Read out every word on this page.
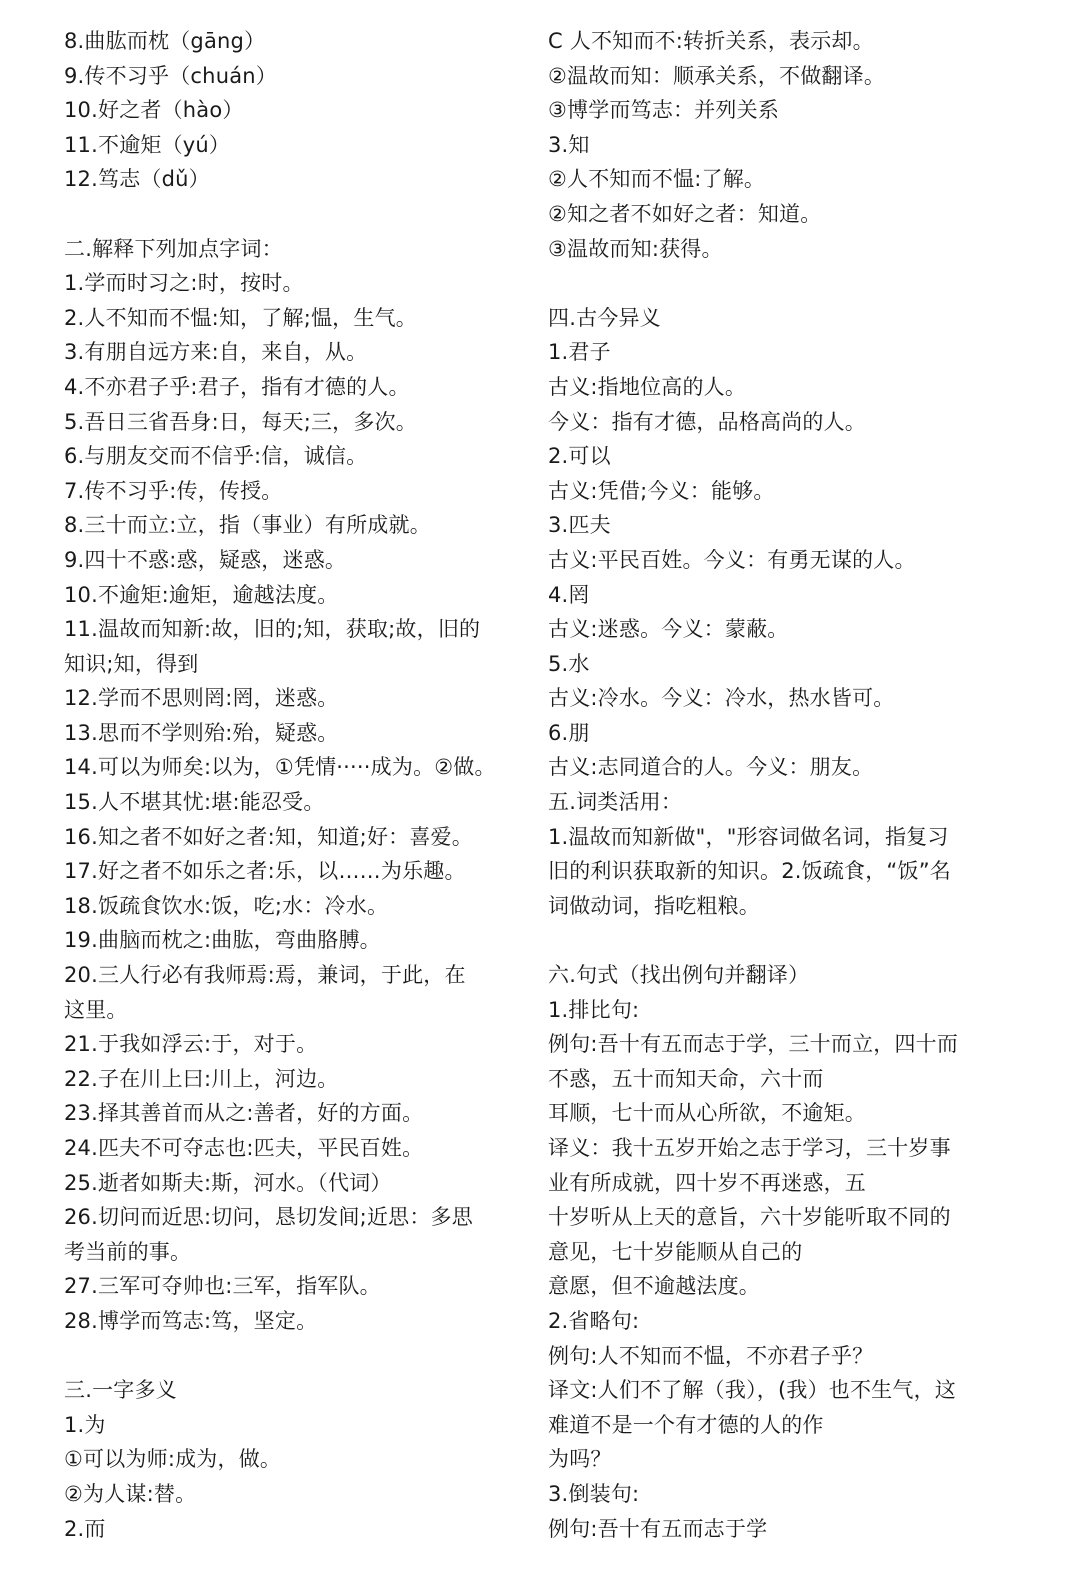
8.曲肱而枕（gāng）
9.传不习乎（chuán）
10.好之者（hào）
11.不逾矩（yú）
12.笃志（dǔ）
二.解释下列加点字词：
1.学而时习之:时，按时。
2.人不知而不愠:知，了解;愠，生气。
3.有朋自远方来:自，来自，从。
4.不亦君子乎:君子，指有才德的人。
5.吾日三省吾身:日，每天;三，多次。
6.与朋友交而不信乎:信，诚信。
7.传不习乎:传，传授。
8.三十而立:立，指（事业）有所成就。
9.四十不惑:惑，疑惑，迷惑。
10.不逾矩:逾矩，逾越法度。
11.温故而知新:故，旧的;知，获取;故，旧的
知识;知，得到
12.学而不思则罔:罔，迷惑。
13.思而不学则殆:殆，疑惑。
14.可以为师矣:以为，①凭情·····成为。②做。
15.人不堪其忧:堪:能忍受。
16.知之者不如好之者:知，知道;好：喜爱。
17.好之者不如乐之者:乐，以……为乐趣。
18.饭疏食饮水:饭，吃;水：冷水。
19.曲脑而枕之:曲肱，弯曲胳膊。
20.三人行必有我师焉:焉，兼词，于此，在
这里。
21.于我如浮云:于，对于。
22.子在川上曰:川上，河边。
23.择其善首而从之:善者，好的方面。
24.匹夫不可夺志也:匹夫，平民百姓。
25.逝者如斯夫:斯，河水。（代词）
26.切问而近思:切问，恳切发间;近思：多思
考当前的事。
27.三军可夺帅也:三军，指军队。
28.博学而笃志:笃，坚定。
三.一字多义
1.为
①可以为师:成为，做。
②为人谋:替。
2.而
C 人不知而不:转折关系，表示却。
②温故而知：顺承关系，不做翻译。
③博学而笃志：并列关系
3.知
②人不知而不愠:了解。
②知之者不如好之者：知道。
③温故而知:获得。
四.古今异义
1.君子
古义:指地位高的人。
今义：指有才德，品格高尚的人。
2.可以
古义:凭借;今义：能够。
3.匹夫
古义:平民百姓。今义：有勇无谋的人。
4.罔
古义:迷惑。今义：蒙蔽。
5.水
古义:冷水。今义：冷水，热水皆可。
6.朋
古义:志同道合的人。今义：朋友。
五.词类活用：
1.温故而知新做"，"形容词做名词，指复习
旧的利识获取新的知识。2.饭疏食，“饭”名
词做动词，指吃粗粮。
六.句式（找出例句并翻译）
1.排比句:
例句:吾十有五而志于学，三十而立，四十而
不惑，五十而知天命，六十而
耳顺，七十而从心所欲，不逾矩。
译义：我十五岁开始之志于学习，三十岁事
业有所成就，四十岁不再迷惑，五
十岁听从上天的意旨，六十岁能听取不同的
意见，七十岁能顺从自己的
意愿，但不逾越法度。
2.省略句:
例句:人不知而不愠，不亦君子乎？
译文:人们不了解（我），(我）也不生气，这
难道不是一个有才德的人的作
为吗？
3.倒装句:
例句:吾十有五而志于学
